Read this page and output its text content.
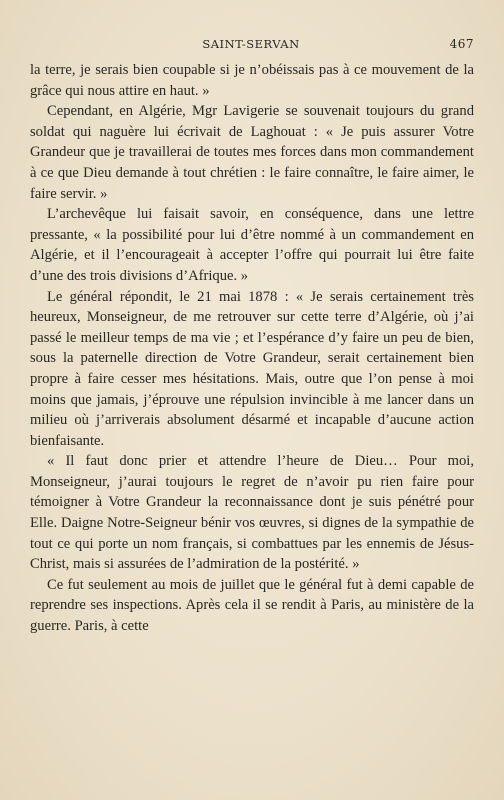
SAINT-SERVAN	467

la terre, je serais bien coupable si je n’obéissais pas à ce mouvement de la grâce qui nous attire en haut. »

Cependant, en Algérie, Mgr Lavigerie se souvenait toujours du grand soldat qui naguère lui écrivait de Laghouat : « Je puis assurer Votre Grandeur que je travaillerai de toutes mes forces dans mon commandement à ce que Dieu demande à tout chrétien : le faire connaître, le faire aimer, le faire servir. »

L’archevêque lui faisait savoir, en conséquence, dans une lettre pressante, « la possibilité pour lui d’être nommé à un commandement en Algérie, et il l’encourageait à accepter l’offre qui pourrait lui être faite d’une des trois divisions d’Afrique. »

Le général répondit, le 21 mai 1878 : « Je serais certainement très heureux, Monseigneur, de me retrouver sur cette terre d’Algérie, où j’ai passé le meilleur temps de ma vie ; et l’espérance d’y faire un peu de bien, sous la paternelle direction de Votre Grandeur, serait certainement bien propre à faire cesser mes hésitations. Mais, outre que l’on pense à moi moins que jamais, j’éprouve une répulsion invincible à me lancer dans un milieu où j’arriverais absolument désarmé et incapable d’aucune action bienfaisante.

« Il faut donc prier et attendre l’heure de Dieu… Pour moi, Monseigneur, j’aurai toujours le regret de n’avoir pu rien faire pour témoigner à Votre Grandeur la reconnaissance dont je suis pénétré pour Elle. Daigne Notre-Seigneur bénir vos œuvres, si dignes de la sympathie de tout ce qui porte un nom français, si combattues par les ennemis de Jésus-Christ, mais si assurées de l’admiration de la postérité. »

Ce fut seulement au mois de juillet que le général fut à demi capable de reprendre ses inspections. Après cela il se rendit à Paris, au ministère de la guerre. Paris, à cette
